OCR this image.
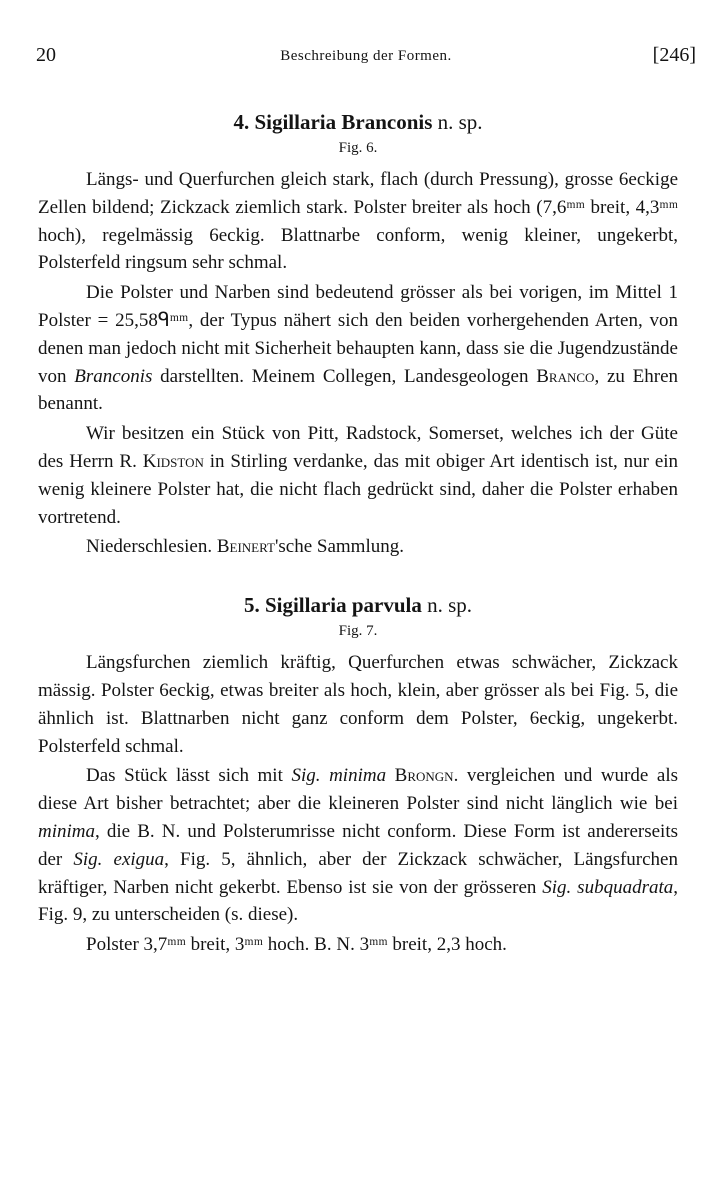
20	Beschreibung der Formen.	[246]
4. Sigillaria Branconis n. sp.
Fig. 6.

Längs- und Querfurchen gleich stark, flach (durch Pressung), grosse 6eckige Zellen bildend; Zickzack ziemlich stark. Polster breiter als hoch (7,6ᵐᵐ breit, 4,3ᵐᵐ hoch), regelmässig 6eckig. Blattnarbe conform, wenig kleiner, ungekerbt, Polsterfeld ringsum sehr schmal.

Die Polster und Narben sind bedeutend grösser als bei vorigen, im Mittel 1 Polster = 25,58ᑫᵐᵐ, der Typus nähert sich den beiden vorhergehenden Arten, von denen man jedoch nicht mit Sicherheit behaupten kann, dass sie die Jugendzustände von Branconis darstellten. Meinem Collegen, Landesgeologen Branco, zu Ehren benannt.

Wir besitzen ein Stück von Pitt, Radstock, Somerset, welches ich der Güte des Herrn R. Kidston in Stirling verdanke, das mit obiger Art identisch ist, nur ein wenig kleinere Polster hat, die nicht flach gedrückt sind, daher die Polster erhaben vortretend.

Niederschlesien. Beinert'sche Sammlung.

5. Sigillaria parvula n. sp.
Fig. 7.

Längsfurchen ziemlich kräftig, Querfurchen etwas schwächer, Zickzack mässig. Polster 6eckig, etwas breiter als hoch, klein, aber grösser als bei Fig. 5, die ähnlich ist. Blattnarben nicht ganz conform dem Polster, 6eckig, ungekerbt. Polsterfeld schmal.

Das Stück lässt sich mit Sig. minima Brongn. vergleichen und wurde als diese Art bisher betrachtet; aber die kleineren Polster sind nicht länglich wie bei minima, die B. N. und Polsterumrisse nicht conform. Diese Form ist andererseits der Sig. exigua, Fig. 5, ähnlich, aber der Zickzack schwächer, Längsfurchen kräftiger, Narben nicht gekerbt. Ebenso ist sie von der grösseren Sig. subquadrata, Fig. 9, zu unterscheiden (s. diese).

Polster 3,7ᵐᵐ breit, 3ᵐᵐ hoch. B. N. 3ᵐᵐ breit, 2,3 hoch.
